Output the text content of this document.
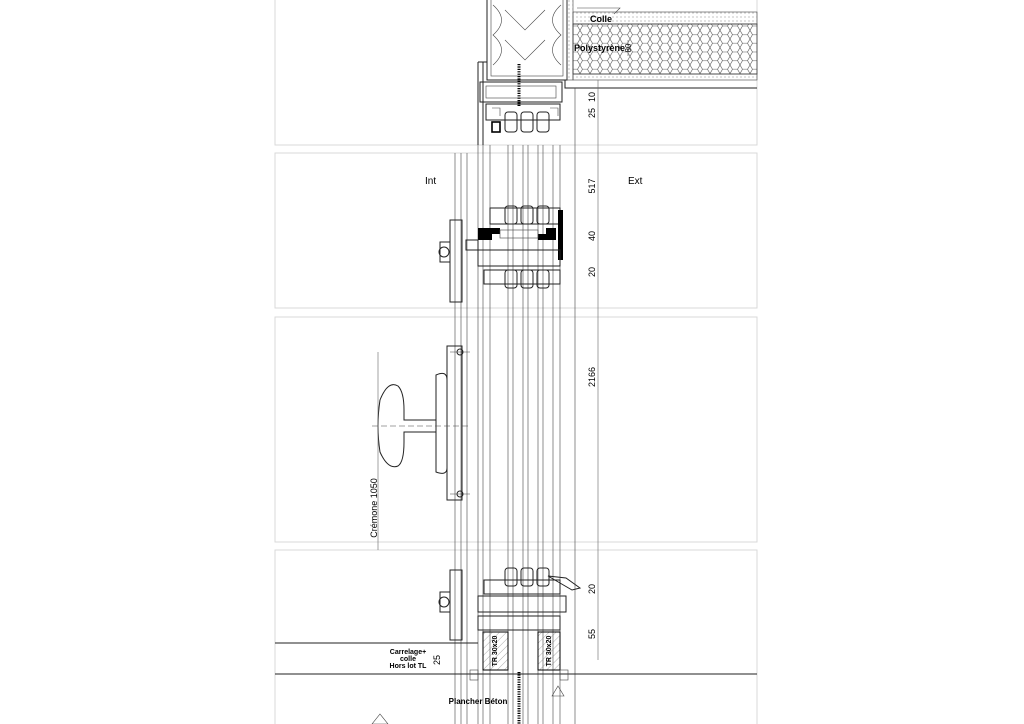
10
25
517
40
20
2166
20
55
25
80
Colle
Polystyrène
Int	Ext
Crémone 1050
Carrelage+
colle
Hors lot TL
Plancher Béton
TR 30x20	TR 30x20
